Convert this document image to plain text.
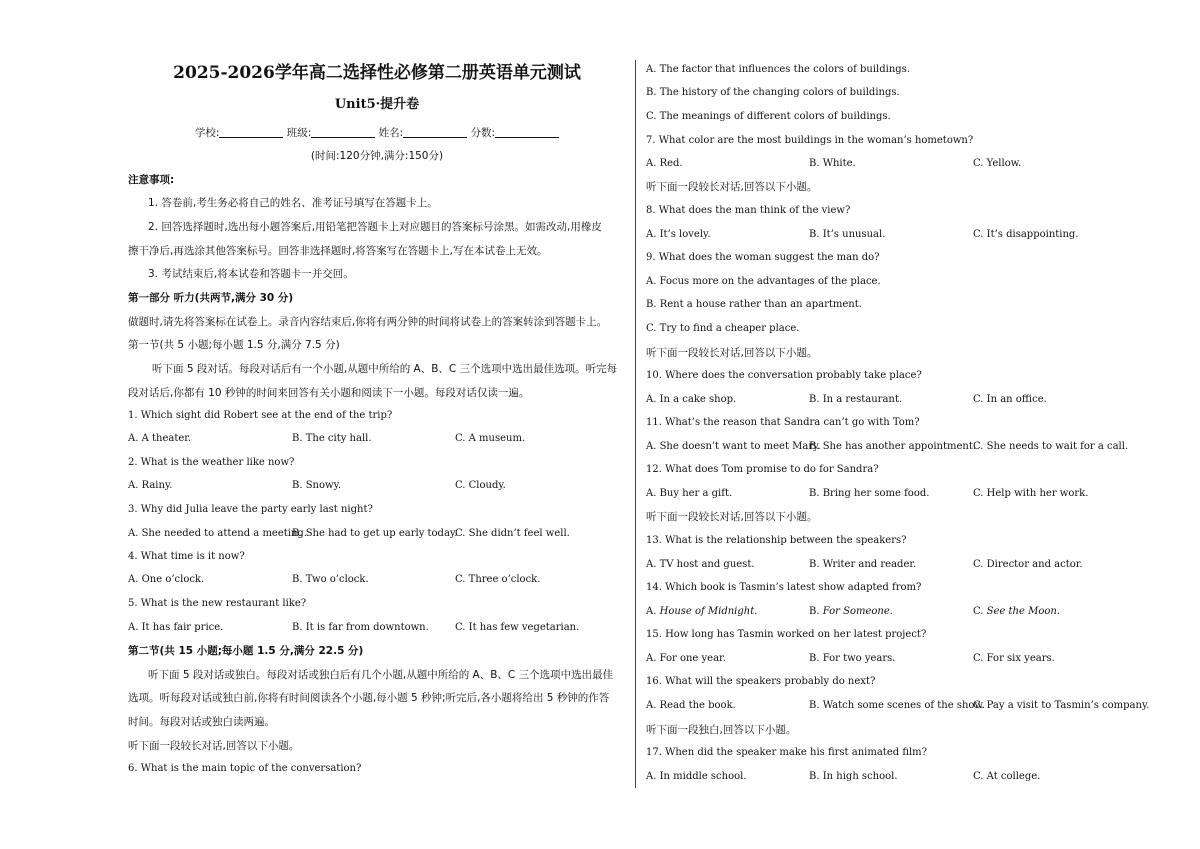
2025-2026学年高二选择性必修第二册英语单元测试
Unit5·提升卷
学校:	班级:	姓名:	分数:
(时间:120分钟,满分:150分)
注意事项:
1. 答卷前,考生务必将自己的姓名、准考证号填写在答题卡上。
2. 回答选择题时,选出每小题答案后,用铅笔把答题卡上对应题目的答案标号涂黑。如需改动,用橡皮
擦干净后,再选涂其他答案标号。回答非选择题时,将答案写在答题卡上,写在本试卷上无效。
3. 考试结束后,将本试卷和答题卡一并交回。
第一部分 听力(共两节,满分 30 分)
做题时,请先将答案标在试卷上。录音内容结束后,你将有两分钟的时间将试卷上的答案转涂到答题卡上。
第一节(共 5 小题;每小题 1.5 分,满分 7.5 分)
听下面 5 段对话。每段对话后有一个小题,从题中所给的 A、B、C 三个选项中选出最佳选项。听完每
段对话后,你都有 10 秒钟的时间来回答有关小题和阅读下一小题。每段对话仅读一遍。
1. Which sight did Robert see at the end of the trip?
A. A theater.	B. The city hall.	C. A museum.
2. What is the weather like now?
A. Rainy.	B. Snowy.	C. Cloudy.
3. Why did Julia leave the party early last night?
A. She needed to attend a meeting.
B. She had to get up early today.
C. She didn’t feel well.
4. What time is it now?
A. One o’clock.	B. Two o’clock.	C. Three o’clock.
5. What is the new restaurant like?
A. It has fair price.	B. It is far from downtown.	C. It has few vegetarian.
第二节(共 15 小题;每小题 1.5 分,满分 22.5 分)
听下面 5 段对话或独白。每段对话或独白后有几个小题,从题中所给的 A、B、C 三个选项中选出最佳
选项。听每段对话或独白前,你将有时间阅读各个小题,每小题 5 秒钟;听完后,各小题将给出 5 秒钟的作答
时间。每段对话或独白读两遍。
听下面一段较长对话,回答以下小题。
6. What is the main topic of the conversation?
A. The factor that influences the colors of buildings.
B. The history of the changing colors of buildings.
C. The meanings of different colors of buildings.
7. What color are the most buildings in the woman’s hometown?
A. Red.	B. White.	C. Yellow.
听下面一段较长对话,回答以下小题。
8. What does the man think of the view?
A. It’s lovely.	B. It’s unusual.	C. It’s disappointing.
9. What does the woman suggest the man do?
A. Focus more on the advantages of the place.
B. Rent a house rather than an apartment.
C. Try to find a cheaper place.
听下面一段较长对话,回答以下小题。
10. Where does the conversation probably take place?
A. In a cake shop.	B. In a restaurant.	C. In an office.
11. What’s the reason that Sandra can’t go with Tom?
A. She doesn’t want to meet Mary.
B. She has another appointment.
C. She needs to wait for a call.
12. What does Tom promise to do for Sandra?
A. Buy her a gift.	B. Bring her some food.	C. Help with her work.
听下面一段较长对话,回答以下小题。
13. What is the relationship between the speakers?
A. TV host and guest.	B. Writer and reader.	C. Director and actor.
14. Which book is Tasmin’s latest show adapted from?
A. House of Midnight.	B. For Someone.	C. See the Moon.
15. How long has Tasmin worked on her latest project?
A. For one year.	B. For two years.	C. For six years.
16. What will the speakers probably do next?
A. Read the book.	B. Watch some scenes of the show.
C. Pay a visit to Tasmin’s company.
听下面一段独白,回答以下小题。
17. When did the speaker make his first animated film?
A. In middle school.	B. In high school.	C. At college.
